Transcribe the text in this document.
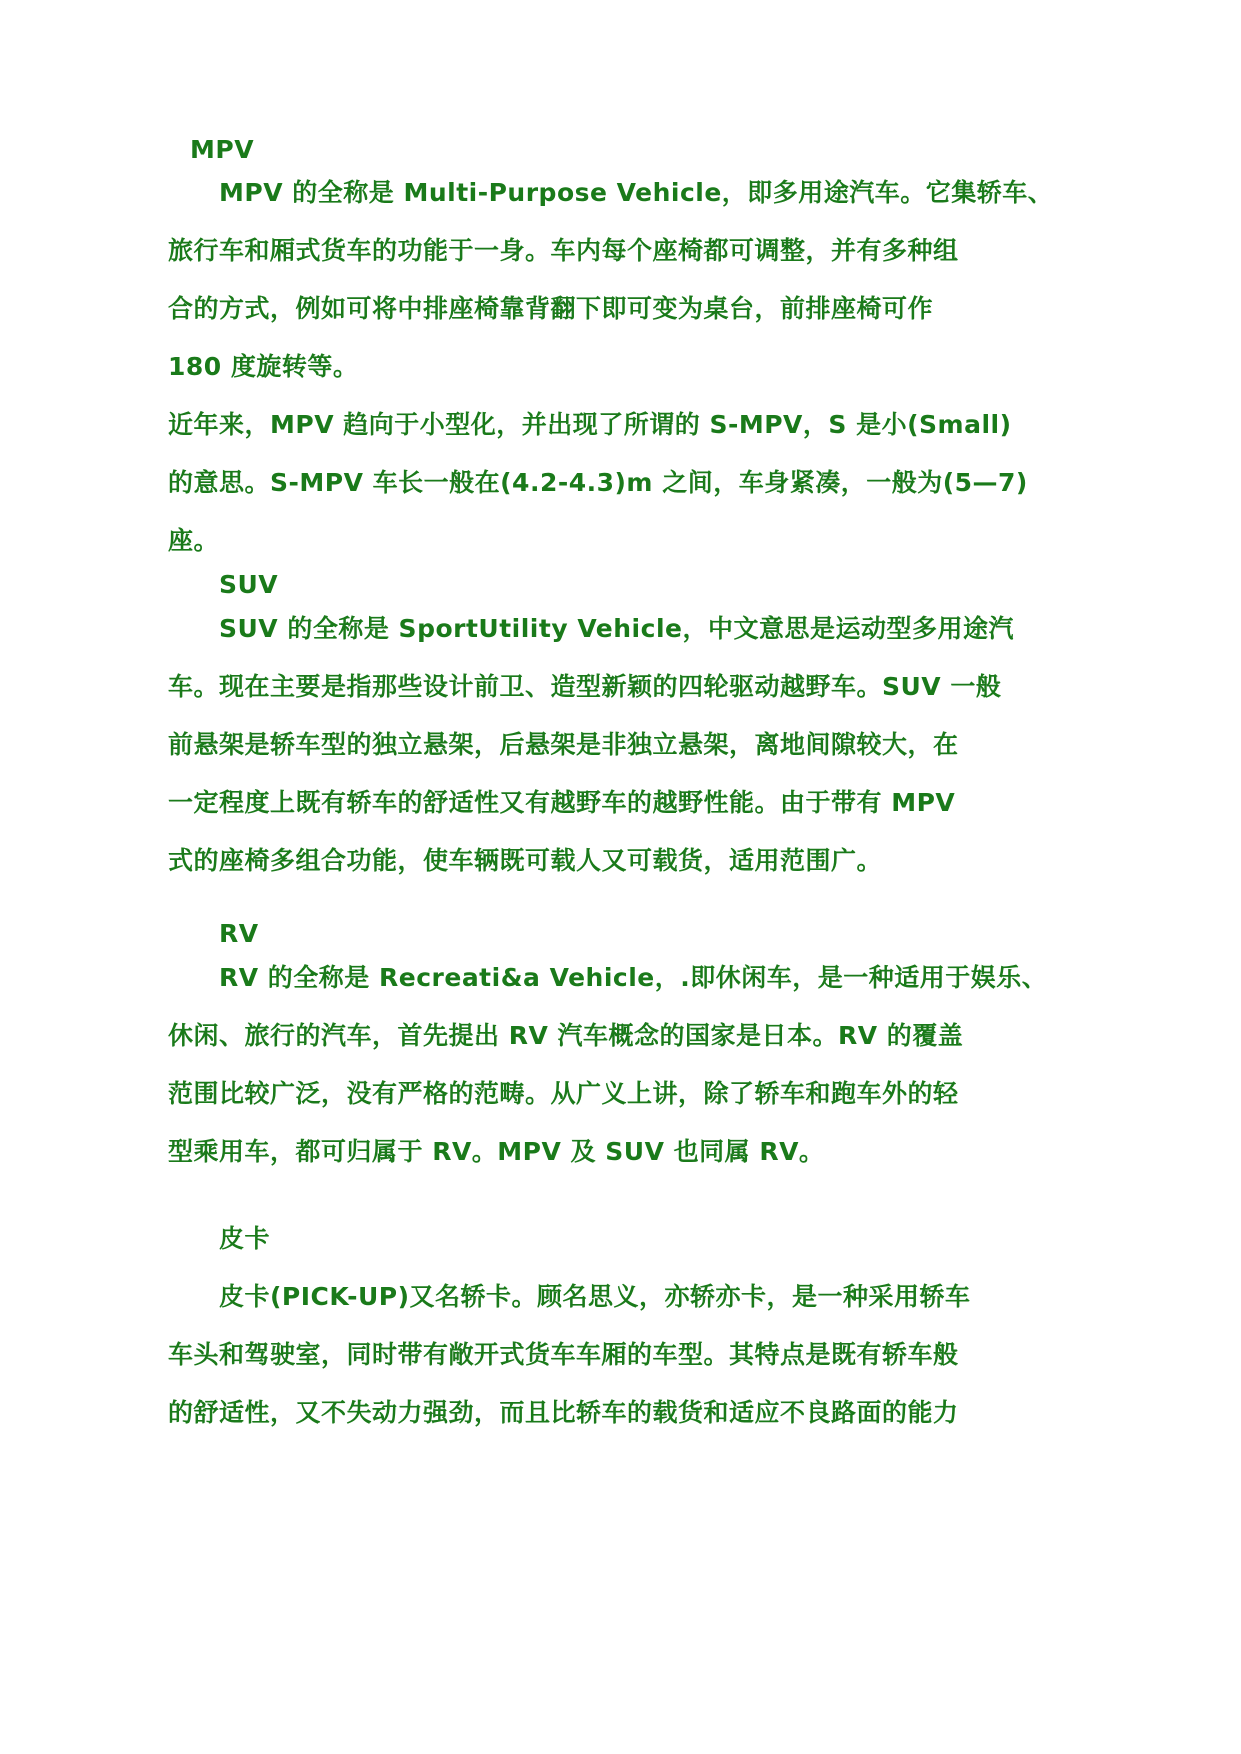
MPV
MPV 的全称是 Multi-Purpose Vehicle，即多用途汽车。它集轿车、
旅行车和厢式货车的功能于一身。车内每个座椅都可调整，并有多种组
合的方式，例如可将中排座椅靠背翻下即可变为桌台，前排座椅可作
180 度旋转等。
近年来，MPV 趋向于小型化，并出现了所谓的 S-MPV，S 是小(Small)
的意思。S-MPV 车长一般在(4.2-4.3)m 之间，车身紧凑，一般为(5—7)
座。
SUV
SUV 的全称是 SportUtility Vehicle，中文意思是运动型多用途汽
车。现在主要是指那些设计前卫、造型新颖的四轮驱动越野车。SUV 一般
前悬架是轿车型的独立悬架，后悬架是非独立悬架，离地间隙较大，在
一定程度上既有轿车的舒适性又有越野车的越野性能。由于带有 MPV
式的座椅多组合功能，使车辆既可载人又可载货，适用范围广。
RV
RV 的全称是 Recreati&a Vehicle，.即休闲车，是一种适用于娱乐、
休闲、旅行的汽车，首先提出 RV 汽车概念的国家是日本。RV 的覆盖
范围比较广泛，没有严格的范畴。从广义上讲，除了轿车和跑车外的轻
型乘用车，都可归属于 RV。MPV 及 SUV 也同属 RV。
皮卡
皮卡(PICK-UP)又名轿卡。顾名思义，亦轿亦卡，是一种采用轿车
车头和驾驶室，同时带有敞开式货车车厢的车型。其特点是既有轿车般
的舒适性，又不失动力强劲，而且比轿车的载货和适应不良路面的能力
